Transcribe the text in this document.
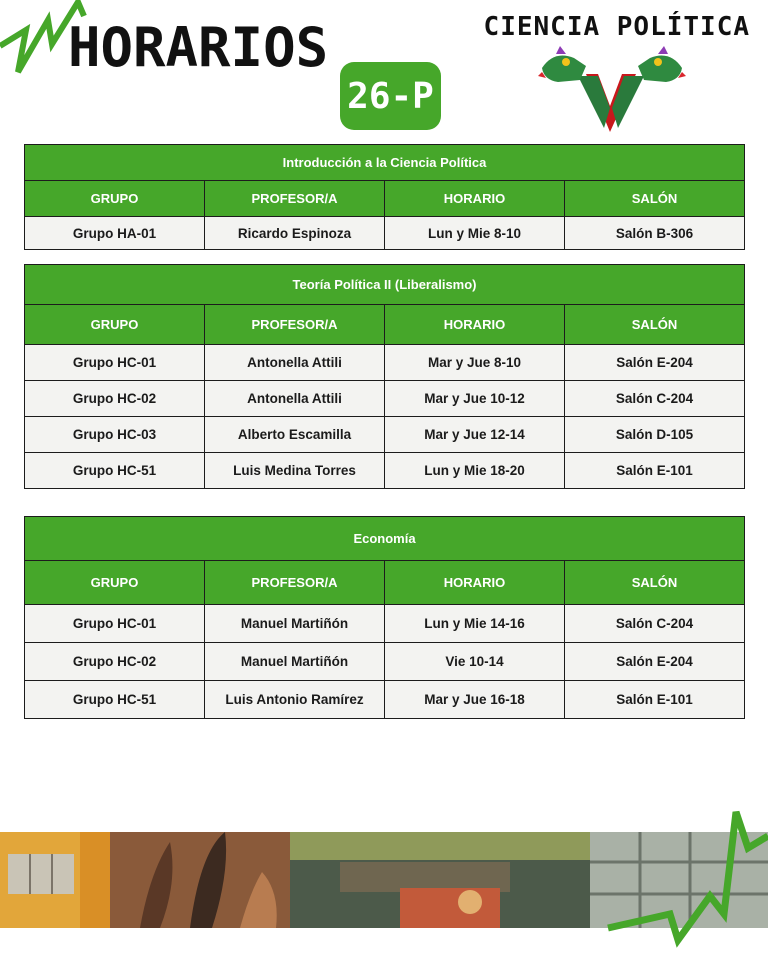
HORARIOS
26-P
CIENCIA POLÍTICA
Introducción a la Ciencia Política			
GRUPO	PROFESOR/A	HORARIO	SALÓN
Grupo HA-01	Ricardo Espinoza	Lun y Mie 8-10	Salón B-306
Teoría Política II (Liberalismo)			
GRUPO	PROFESOR/A	HORARIO	SALÓN
Grupo HC-01	Antonella Attili	Mar y Jue 8-10	Salón E-204
Grupo HC-02	Antonella Attili	Mar y Jue 10-12	Salón C-204
Grupo HC-03	Alberto Escamilla	Mar y Jue 12-14	Salón D-105
Grupo HC-51	Luis Medina Torres	Lun y Mie 18-20	Salón E-101
Economía			
GRUPO	PROFESOR/A	HORARIO	SALÓN
Grupo HC-01	Manuel Martiñón	Lun y Mie 14-16	Salón C-204
Grupo HC-02	Manuel Martiñón	Vie 10-14	Salón E-204
Grupo HC-51	Luis Antonio Ramírez	Mar y Jue 16-18	Salón E-101
